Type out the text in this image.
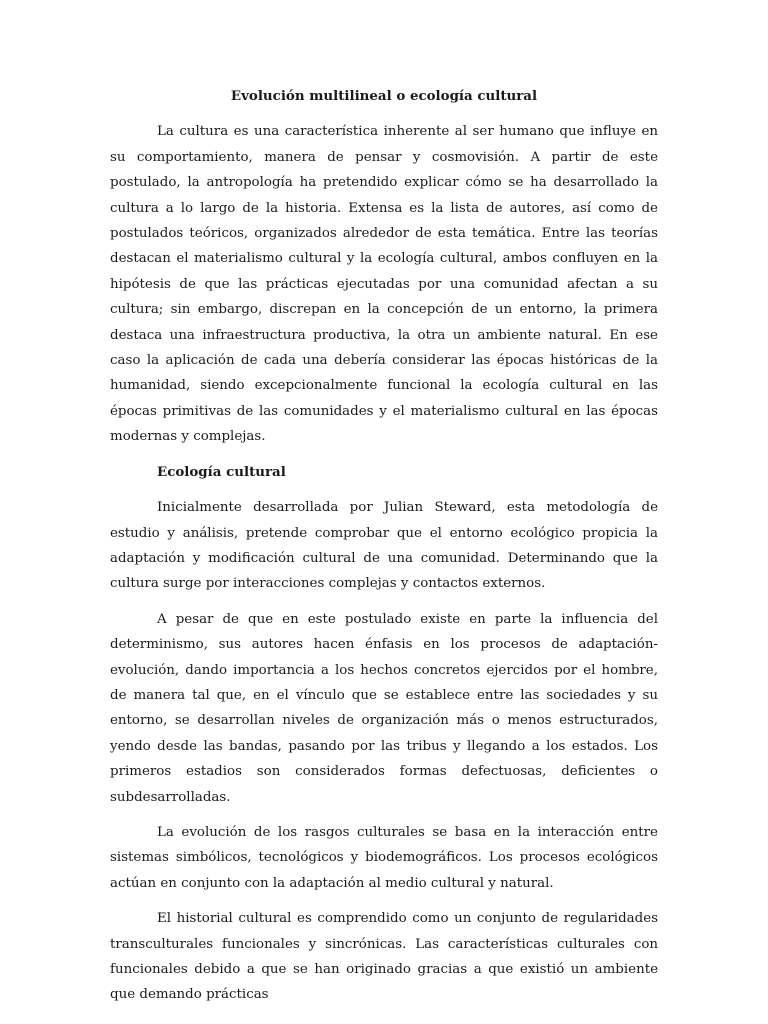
Evolución multilineal o ecología cultural

La cultura es una característica inherente al ser humano que influye en su comportamiento, manera de pensar y cosmovisión. A partir de este postulado, la antropología ha pretendido explicar cómo se ha desarrollado la cultura a lo largo de la historia. Extensa es la lista de autores, así como de postulados teóricos, organizados alrededor de esta temática. Entre las teorías destacan el materialismo cultural y la ecología cultural, ambos confluyen en la hipótesis de que las prácticas ejecutadas por una comunidad afectan a su cultura; sin embargo, discrepan en la concepción de un entorno, la primera destaca una infraestructura productiva, la otra un ambiente natural. En ese caso la aplicación de cada una debería considerar las épocas históricas de la humanidad, siendo excepcionalmente funcional la ecología cultural en las épocas primitivas de las comunidades y el materialismo cultural en las épocas modernas y complejas.

Ecología cultural

Inicialmente desarrollada por Julian Steward, esta metodología de estudio y análisis, pretende comprobar que el entorno ecológico propicia la adaptación y modificación cultural de una comunidad. Determinando que la cultura surge por interacciones complejas y contactos externos.

A pesar de que en este postulado existe en parte la influencia del determinismo, sus autores hacen énfasis en los procesos de adaptación-evolución, dando importancia a los hechos concretos ejercidos por el hombre, de manera tal que, en el vínculo que se establece entre las sociedades y su entorno, se desarrollan niveles de organización más o menos estructurados, yendo desde las bandas, pasando por las tribus y llegando a los estados. Los primeros estadios son considerados formas defectuosas, deficientes o subdesarrolladas.

La evolución de los rasgos culturales se basa en la interacción entre sistemas simbólicos, tecnológicos y biodemográficos. Los procesos ecológicos actúan en conjunto con la adaptación al medio cultural y natural.

El historial cultural es comprendido como un conjunto de regularidades transculturales funcionales y sincrónicas. Las características culturales con funcionales debido a que se han originado gracias a que existió un ambiente que demando prácticas
